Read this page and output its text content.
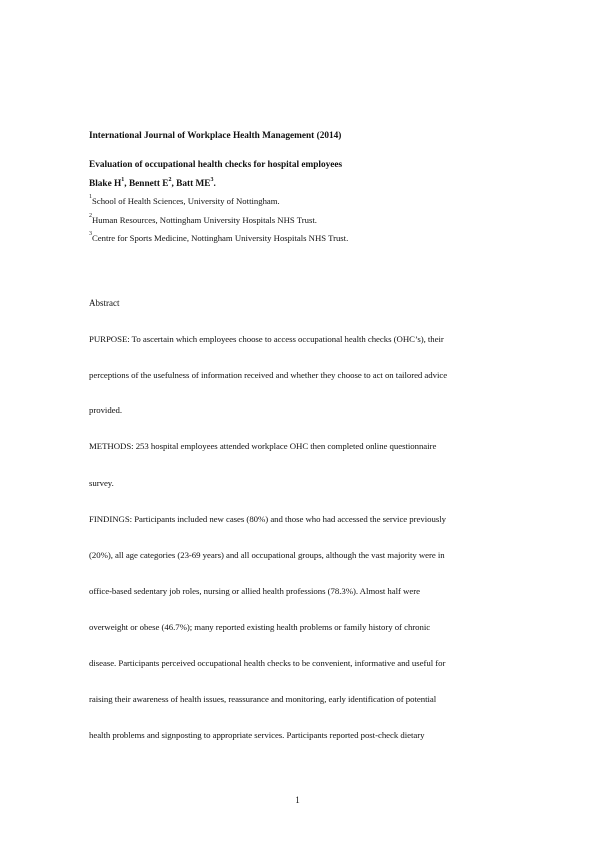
International Journal of Workplace Health Management (2014)
Evaluation of occupational health checks for hospital employees
Blake $H^1$, Bennett $E^2$, Batt $ME^3$.
$^1$School of Health Sciences, University of Nottingham.
$^2$Human Resources, Nottingham University Hospitals NHS Trust.
$^3$Centre for Sports Medicine, Nottingham University Hospitals NHS Trust.
Abstract
PURPOSE: To ascertain which employees choose to access occupational health checks (OHC’s), their
perceptions of the usefulness of information received and whether they choose to act on tailored advice
provided.
METHODS: 253 hospital employees attended workplace OHC then completed online questionnaire
survey.
FINDINGS: Participants included new cases (80%) and those who had accessed the service previously
(20%), all age categories (23-69 years) and all occupational groups, although the vast majority were in
office-based sedentary job roles, nursing or allied health professions (78.3%). Almost half were
overweight or obese (46.7%); many reported existing health problems or family history of chronic
disease. Participants perceived occupational health checks to be convenient, informative and useful for
raising their awareness of health issues, reassurance and monitoring, early identification of potential
health problems and signposting to appropriate services. Participants reported post-check dietary
1
